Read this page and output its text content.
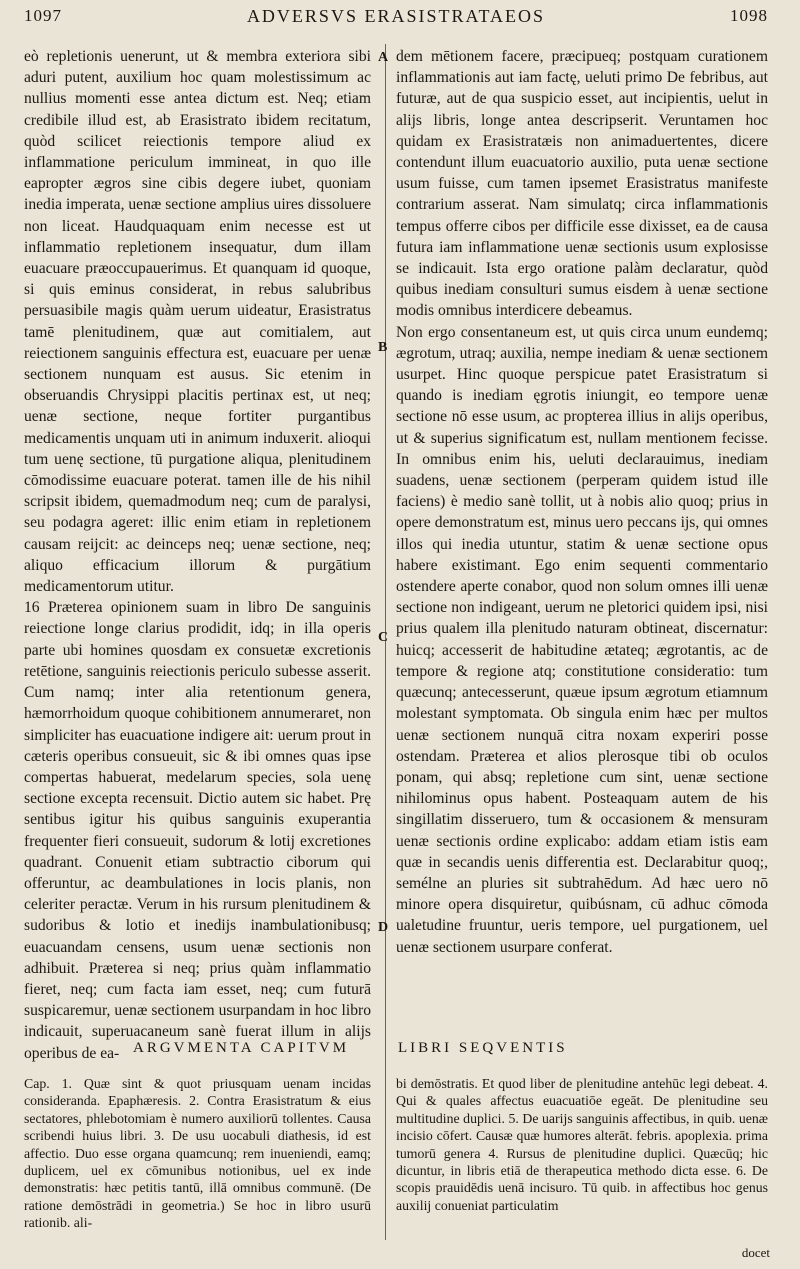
1097	ADVERSVS ERASISTRATAEOS	1098
A
B
C
D

eò repletionis uenerunt, ut & membra exteriora sibi aduri putent, auxilium hoc quam molestissimum ac nullius momenti esse antea dictum est. Neq; etiam credibile illud est, ab Erasistrato ibidem recitatum, quòd scilicet reiectionis tempore aliud ex inflammatione periculum immineat, in quo ille eapropter ægros sine cibis degere iubet, quoniam inedia imperata, uenæ sectione amplius uires dissoluere non liceat. Haudquaquam enim necesse est ut inflammatio repletionem insequatur, dum illam euacuare præoccupauerimus. Et quanquam id quoque, si quis eminus considerat, in rebus salubribus persuasibile magis quàm uerum uideatur, Erasistratus tamē plenitudinem, quæ aut comitialem, aut reiectionem sanguinis effectura est, euacuare per uenæ sectionem nunquam est ausus. Sic etenim in obseruandis Chrysippi placitis pertinax est, ut neq; uenæ sectione, neque fortiter purgantibus medicamentis unquam uti in animum induxerit. alioqui tum uenę sectione, tū purgatione aliqua, plenitudinem cōmodissime euacuare poterat. tamen ille de his nihil scripsit ibidem, quemadmodum neq; cum de paralysi, seu podagra ageret: illic enim etiam in repletionem causam reijcit: ac deinceps neq; uenæ sectione, neq; aliquo efficacium illorum & purgātium medicamentorum utitur.

16 Præterea opinionem suam in libro De sanguinis reiectione longe clarius prodidit, idq; in illa operis parte ubi homines quosdam ex consuetæ excretionis retētione, sanguinis reiectionis periculo subesse asserit. Cum namq; inter alia retentionum genera, hæmorrhoidum quoque cohibitionem annumeraret, non simpliciter has euacuatione indigere ait: uerum prout in cæteris operibus consueuit, sic & ibi omnes quas ipse compertas habuerat, medelarum species, sola uenę sectione excepta recensuit. Dictio autem sic habet. Prę sentibus igitur his quibus sanguinis exuperantia frequenter fieri consueuit, sudorum & lotij excretiones quadrant. Conuenit etiam subtractio ciborum qui offeruntur, ac deambulationes in locis planis, non celeriter peractæ. Verum in his rursum plenitudinem & sudoribus & lotio et inedijs inambulationibusq; euacuandam censens, usum uenæ sectionis non adhibuit. Præterea si neq; prius quàm inflammatio fieret, neq; cum facta iam esset, neq; cum futurā suspicaremur, uenæ sectionem usurpandam in hoc libro indicauit, superuacaneum sanè fuerat illum in alijs operibus de ea-

dem mētionem facere, præcipueq; postquam curationem inflammationis aut iam factę, ueluti primo De febribus, aut futuræ, aut de qua suspicio esset, aut incipientis, uelut in alijs libris, longe antea descripserit. Veruntamen hoc quidam ex Erasistratæis non animaduertentes, dicere contendunt illum euacuatorio auxilio, puta uenæ sectione usum fuisse, cum tamen ipsemet Erasistratus manifeste contrarium asserat. Nam simulatq; circa inflammationis tempus offerre cibos per difficile esse dixisset, ea de causa futura iam inflammatione uenæ sectionis usum explosisse se indicauit. Ista ergo oratione palàm declaratur, quòd quibus inediam consulturi sumus eisdem à uenæ sectione modis omnibus interdicere debeamus.

Non ergo consentaneum est, ut quis circa unum eundemq; ægrotum, utraq; auxilia, nempe inediam & uenæ sectionem usurpet. Hinc quoque perspicue patet Erasistratum si quando is inediam ęgrotis iniungit, eo tempore uenæ sectione nō esse usum, ac propterea illius in alijs operibus, ut & superius significatum est, nullam mentionem fecisse. In omnibus enim his, ueluti declarauimus, inediam suadens, uenæ sectionem (perperam quidem istud ille faciens) è medio sanè tollit, ut à nobis alio quoq; prius in opere demonstratum est, minus uero peccans ijs, qui omnes illos qui inedia utuntur, statim & uenæ sectione opus habere existimant. Ego enim sequenti commentario ostendere aperte conabor, quod non solum omnes illi uenæ sectione non indigeant, uerum ne pletorici quidem ipsi, nisi prius qualem illa plenitudo naturam obtineat, discernatur: huicq; accesserit de habitudine ætateq; ægrotantis, ac de tempore & regione atq; constitutione consideratio: tum quæcunq; antecesserunt, quæue ipsum ægrotum etiamnum molestant symptomata. Ob singula enim hæc per multos uenæ sectionem nunquā citra noxam experiri posse ostendam. Præterea et alios plerosque tibi ob oculos ponam, qui absq; repletione cum sint, uenæ sectione nihilominus opus habent. Posteaquam autem de his singillatim disseruero, tum & occasionem & mensuram uenæ sectionis ordine explicabo: addam etiam istis eam quæ in secandis uenis differentia est. Declarabitur quoq;, semélne an pluries sit subtrahēdum. Ad hæc uero nō minore opera disquiretur, quibúsnam, cū adhuc cōmoda ualetudine fruuntur, ueris tempore, uel purgationem, uel uenæ sectionem usurpare conferat.

ARGVMENTA CAPITVM	LIBRI SEQVENTIS

Cap. 1. Quæ sint & quot priusquam uenam incidas consideranda. Epaphæresis. 2. Contra Erasistratum & eius sectatores, phlebotomiam è numero auxiliorū tollentes. Causa scribendi huius libri. 3. De usu uocabuli diathesis, id est affectio. Duo esse organa quamcunq; rem inueniendi, eamq; duplicem, uel ex cōmunibus notionibus, uel ex inde demonstratis: hæc petitis tantū, illā omnibus communē. (De ratione demōstrādi in geometria.) Se hoc in libro usurū rationib. ali-

bi demōstratis. Et quod liber de plenitudine antehūc legi debeat. 4. Qui & quales affectus euacuatiōe egeāt. De plenitudine seu multitudine duplici. 5. De uarijs sanguinis affectibus, in quib. uenæ incisio cōfert. Causæ quæ humores alterāt. febris. apoplexia. prima tumorū genera 4. Rursus de plenitudine duplici. Quæcūq; hic dicuntur, in libris etiā de therapeutica methodo dicta esse. 6. De scopis prauidēdis uenā incisuro. Tū quib. in affectibus hoc genus auxilij conueniat particulatim

docet
